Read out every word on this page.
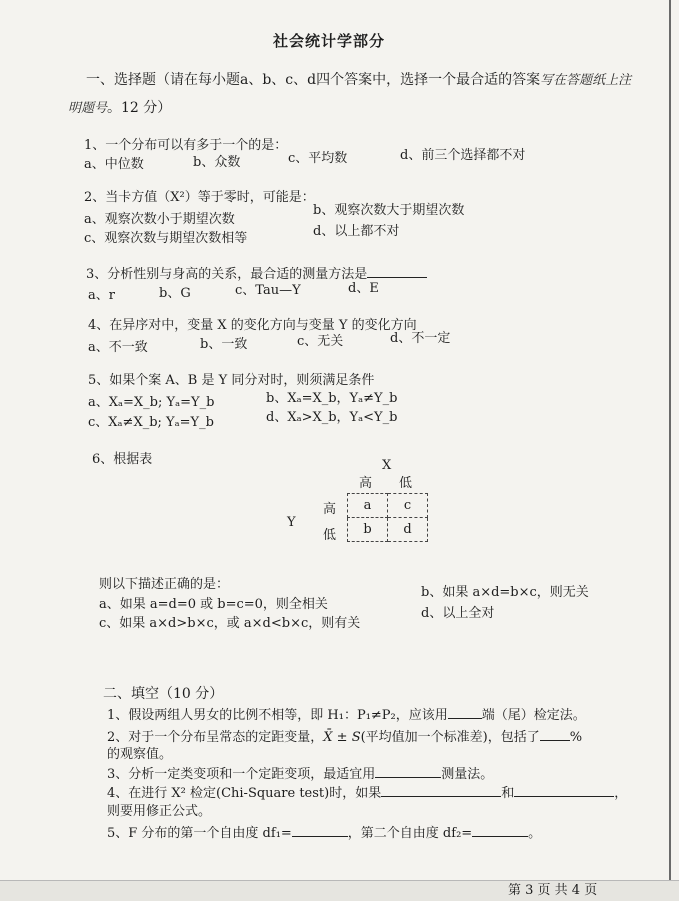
社会统计学部分
一、选择题（请在每小题a、b、c、d四个答案中，选择一个最合适的答案写在答题纸上注
明题号。12 分）
1、一个分布可以有多于一个的是：
a、中位数	b、众数	c、平均数	d、前三个选择都不对
2、当卡方值（X²）等于零时，可能是：
a、观察次数小于期望次数
b、观察次数大于期望次数
c、观察次数与期望次数相等	d、以上都不对
3、分析性别与身高的关系，最合适的测量方法是
a、r	b、G	c、Tau—Y	d、E
4、在异序对中，变量 X 的变化方向与变量 Y 的变化方向
a、不一致	b、一致	c、无关	d、不一定
5、如果个案 A、B 是 Y 同分对时，则须满足条件
a、Xₐ=X_b; Yₐ=Y_b	b、Xₐ=X_b，Yₐ≠Y_b
c、Xₐ≠X_b; Yₐ=Y_b	d、Xₐ>X_b，Yₐ<Y_b
6、根据表	X
高 低
高
低
Y
a	c
b	d
则以下描述正确的是：
a、如果 a=d=0 或 b=c=0，则全相关
b、如果 a×d=b×c，则无关
c、如果 a×d>b×c，或 a×d<b×c，则有关
d、以上全对
二、填空（10 分）
1、假设两组人男女的比例不相等，即 H₁：P₁≠P₂，应该用	端（尾）检定法。
2、对于一个分布呈常态的定距变量，X̄ ± S(平均值加一个标准差)，包括了 %
的观察值。
3、分析一定类变项和一个定距变项，最适宜用	测量法。
4、在进行 X² 检定(Chi-Square test)时，如果	和	，
则要用修正公式。
5、F 分布的第一个自由度 df₁=	，第二个自由度 df₂=	。
第 3 页 共 4 页
